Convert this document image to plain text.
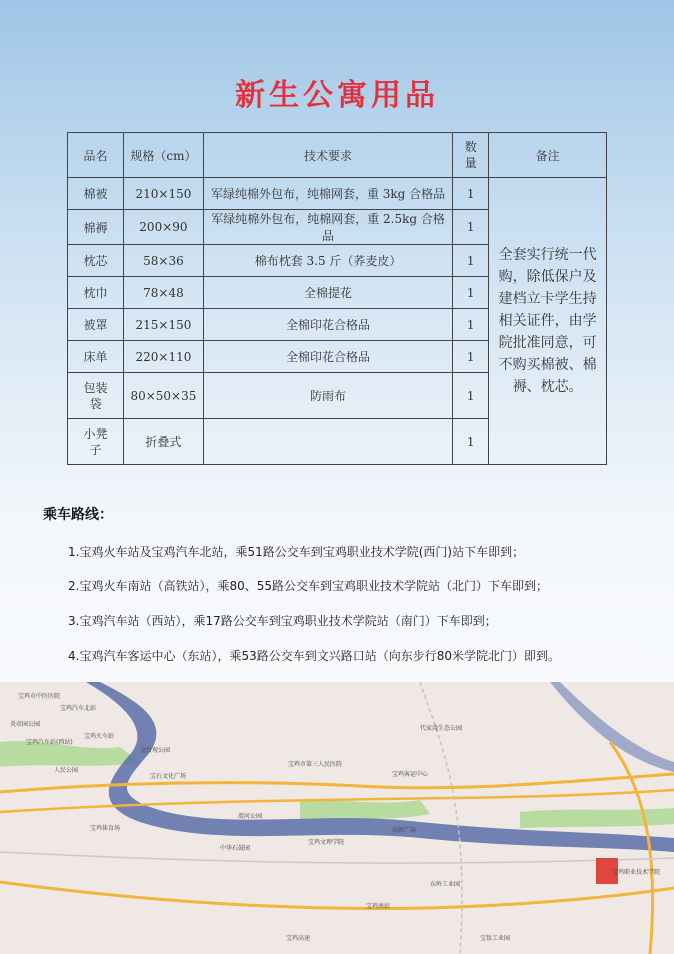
新生公寓用品
品名	规格（cm）	技术要求	数量	备注
棉被	210×150	军绿纯棉外包布，纯棉网套，重 3kg 合格品	1	全套实行统一代购，除低保户及建档立卡学生持相关证件，由学院批准同意，可不购买棉被、棉褥、枕芯。
棉褥	200×90	军绿纯棉外包布，纯棉网套，重 2.5kg 合格品	1	
枕芯	58×36	棉布枕套 3.5 斤（荞麦皮）	1	
枕巾	78×48	全棉提花	1	
被罩	215×150	全棉印花合格品	1	
床单	220×110	全棉印花合格品	1	
包装袋	80×50×35	防雨布	1	
小凳子	折叠式		1	
乘车路线：
1.宝鸡火车站及宝鸡汽车北站，乘51路公交车到宝鸡职业技术学院(西门)站下车即到；
2.宝鸡火车南站（高铁站），乘80、55路公交车到宝鸡职业技术学院站（北门）下车即到；
3.宝鸡汽车站（西站），乘17路公交车到宝鸡职业技术学院站（南门）下车即到；
4.宝鸡汽车客运中心（东站），乘53路公交车到文兴路口站（向东步行80米学院北门）即到。
宝鸡市中医医院
宝鸡汽车北站
炎帝园公园
宝鸡火车站
宝鸡汽车站(西站)
金台观公园
人民公园
宝石文化广场
宝鸡市第三人民医院
宝鸡客运中心
代家湾生态公园
渭河公园
宝鸡体育场
中华石鼓园
宝鸡文理学院
高新广场
宝鸡职业技术学院
宝鸡南站
东岭工业园
宝鸡高速	宝钛工业园
